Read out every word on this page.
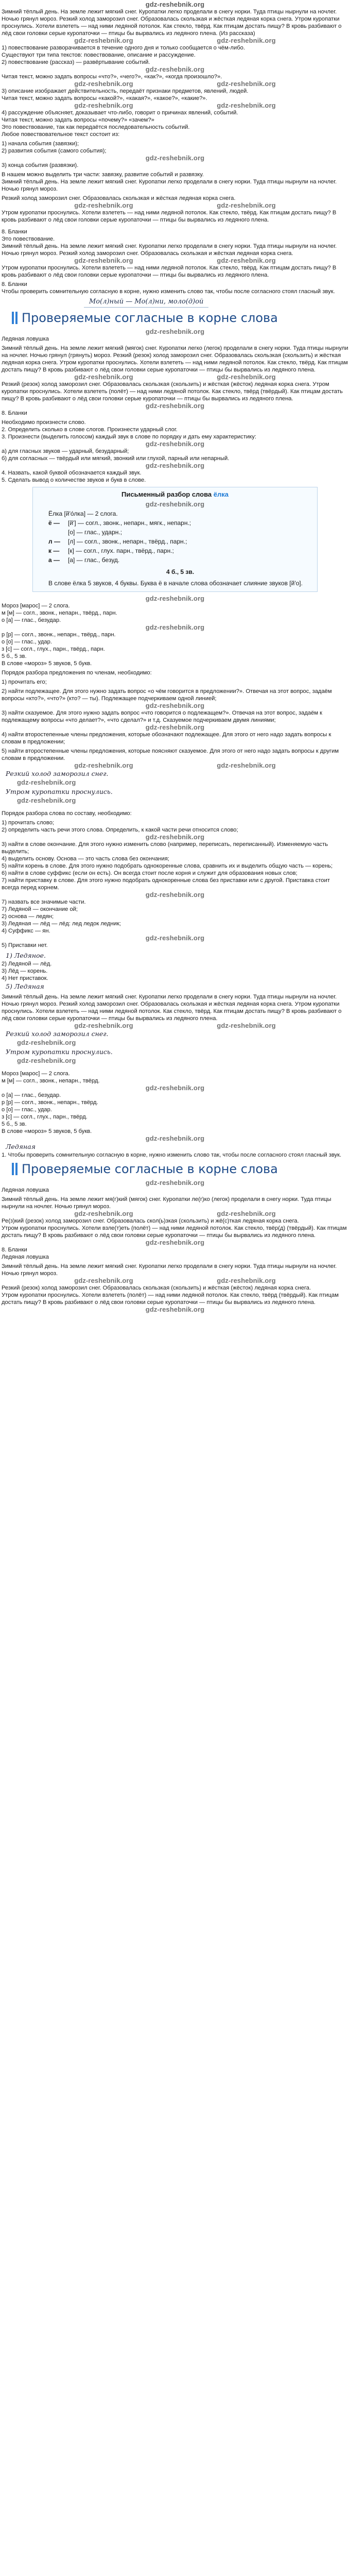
gdz-reshebnik.org

Зимний тёплый день. На земле лежит мягкий снег. Куропатки легко проделали в снегу норки. Туда птицы нырнули на ночлег. Ночью грянул мороз. Резкий холод заморозил снег. Образовалась скользкая и жёсткая ледяная корка снега. Утром куропатки проснулись. Хотели взлететь — над ними ледяной потолок. Как стекло, твёрд. Как птицам достать пищу? В кровь разбивают о лёд свои головки серые куропаточки — птицы бы вырвались из ледяного плена. (Из рассказа)

gdz-reshebnik.org	gdz-reshebnik.org

1) повествование разворачивается в течение одного дня и только сообщается о чём-либо.

Существуют три типа текстов: повествование, описание и рассуждение.

2) повествование (рассказ) — развёртывание событий.

gdz-reshebnik.org

Читая текст, можно задать вопросы «что?», «чего?», «как?», «когда произошло?».

gdz-reshebnik.org	gdz-reshebnik.org

3) описание изображает действительность, передаёт признаки предметов, явлений, людей.

Читая текст, можно задать вопросы «какой?», «какая?», «какое?», «какие?».

gdz-reshebnik.org	gdz-reshebnik.org

4) рассуждение объясняет, доказывает что-либо, говорит о причинах явлений, событий.

Читая текст, можно задать вопросы «почему?» «зачем?»

Это повествование, так как передаётся последовательность событий.

Любое повествовательное текст состоит из:

1) начала события (завязки);

2) развития события (самого события);

gdz-reshebnik.org

3) конца события (развязки).

В нашем можно выделить три части: завязку, развитие событий и развязку.

Зимний тёплый день. На земле лежит мягкий снег. Куропатки легко проделали в снегу норки. Туда птицы нырнули на ночлег. Ночью грянул мороз.

Резкий холод заморозил снег. Образовалась скользкая и жёсткая ледяная корка снега.

gdz-reshebnik.org	gdz-reshebnik.org

Утром куропатки проснулись. Хотели взлететь — над ними ледяной потолок. Как стекло, твёрд. Как птицам достать пищу? В кровь разбивают о лёд свои головки серые куропаточки — птицы бы вырвались из ледяного плена.

8. Бланки

Это повествование.

Зимний тёплый день. На земле лежит мягкий снег. Куропатки легко проделали в снегу норки. Туда птицы нырнули на ночлег. Ночью грянул мороз. Резкий холод заморозил снег. Образовалась скользкая и жёсткая ледяная корка снега.

gdz-reshebnik.org	gdz-reshebnik.org

Утром куропатки проснулись. Хотели взлететь — над ними ледяной потолок. Как стекло, твёрд. Как птицам достать пищу? В кровь разбивают о лёд свои головки серые куропаточки — птицы бы вырвались из ледяного плена.

8. Бланки

Чтобы проверить сомнительную согласную в корне, нужно изменить слово так, чтобы после согласного стоял гласный звук.

Мо(л)ный — Мо(л)ни, моло(д)ой
Проверяемые согласные в корне слова
gdz-reshebnik.org

Ледяная ловушка

Зимний тёплый день. На земле лежит мягкий (мягок) снег. Куропатки легко (легок) проделали в снегу норки. Туда птицы нырнули на ночлег. Ночью грянул (грянуть) мороз. Резкий (резок) холод заморозил снег. Образовалась скользкая (скользить) и жёсткая ледяная корка снега. Утром куропатки проснулись. Хотели взлететь — над ними ледяной потолок. Как стекло, твёрд. Как птицам достать пищу? В кровь разбивают о лёд свои головки серые куропаточки — птицы бы вырвались из ледяного плена.

gdz-reshebnik.org	gdz-reshebnik.org

Резкий (резок) холод заморозил снег. Образовалась скользкая (скользить) и жёсткая (жёсток) ледяная корка снега. Утром куропатки проснулись. Хотели взлететь (полёт) — над ними ледяной потолок. Как стекло, твёрд (твёрдый). Как птицам достать пищу? В кровь разбивают о лёд свои головки серые куропаточки — птицы бы вырвались из ледяного плена.

gdz-reshebnik.org

8. Бланки

Необходимо произнести слово.

2. Определить сколько в слове слогов. Произнести ударный слог.

3. Произнести (выделить голосом) каждый звук в слове по порядку и дать ему характеристику:

gdz-reshebnik.org

а) для гласных звуков — ударный, безударный;

б) для согласных — твёрдый или мягкий, звонкий или глухой, парный или непарный.

gdz-reshebnik.org

4. Назвать, какой буквой обозначается каждый звук.

5. Сделать вывод о количестве звуков и букв в слове.

Письменный разбор слова ёлка
gdz-reshebnik.org
Ёлка [й'о́лка] — 2 слога.
ё — [й'] — согл., звонк., непарн., мягк., непарн.;
[о] — глас., ударн.;
л — [л] — согл., звонк., непарн., твёрд., парн.;
к — [к] — согл., глух. парн., твёрд., парн.;
а — [а] — глас., безуд.
4 б., 5 зв.
В слове ёлка 5 звуков, 4 буквы. Буква ё в начале слова обозначает слияние звуков [й'о].
gdz-reshebnik.org

Мороз [марос] — 2 слога.

м [м] — согл., звонк., непарн., твёрд., парн.

о [а] — глас., безудар.

gdz-reshebnik.org

р [р] — согл., звонк., непарн., твёрд., парн.

о [о] — глас., удар.

з [с] — согл., глух., парн., твёрд., парн.

5 б., 5 зв.

В слове «мороз» 5 звуков, 5 букв.

Порядок разбора предложения по членам, необходимо:

1) прочитать его;

2) найти подлежащее. Для этого нужно задать вопрос «о чём говорится в предложении?». Отвечая на этот вопрос, задаём вопросы «кто?», «что?» (кто? — ты). Подлежащее подчеркиваем одной линией;

gdz-reshebnik.org

3) найти сказуемое. Для этого нужно задать вопрос «что говорится о подлежащем?». Отвечая на этот вопрос, задаём к подлежащему вопросы «что делает?», «что сделал?» и т.д. Сказуемое подчеркиваем двумя линиями;

gdz-reshebnik.org

4) найти второстепенные члены предложения, которые обозначают подлежащее. Для этого от него надо задать вопросы к словам в предложении;

5) найти второстепенные члены предложения, которые поясняют сказуемое. Для этого от него надо задать вопросы к другим словам в предложении.

gdz-reshebnik.org	gdz-reshebnik.org
Резкий холод заморозил снег.
gdz-reshebnik.org
Утром куропатки проснулись.
gdz-reshebnik.org

Порядок разбора слова по составу, необходимо:

1) прочитать слово;

2) определить часть речи этого слова. Определить, к какой части речи относится слово;

gdz-reshebnik.org

3) найти в слове окончание. Для этого нужно изменить слово (например, переписать, переписанный). Изменяемую часть выделить;

4) выделить основу. Основа — это часть слова без окончания;

5) найти корень в слове. Для этого нужно подобрать однокоренные слова, сравнить их и выделить общую часть — корень;

6) найти в слове суффикс (если он есть). Он всегда стоит после корня и служит для образования новых слов;

7) найти приставку в слове. Для этого нужно подобрать однокоренные слова без приставки или с другой. Приставка стоит всегда перед корнем.

gdz-reshebnik.org

7) назвать все значимые части.

7) Ледяной — окончание ой;

2) основа — ледян;

3) Ледяная — лёд — лёд: лед ледок ледник;

4) Суффикс — ян.

gdz-reshebnik.org

5) Приставки нет.

1) Ледяное.

2) Ледяной — лёд.

3) Лёд — корень.

4) Нет приставок.

5) Ледяная

Зимний тёплый день. На земле лежит мягкий снег. Куропатки легко проделали в снегу норки. Туда птицы нырнули на ночлег. Ночью грянул мороз. Резкий холод заморозил снег. Образовалась скользкая и жёсткая ледяная корка снега. Утром куропатки проснулись. Хотели взлететь — над ними ледяной потолок. Как стекло, твёрд. Как птицам достать пищу? В кровь разбивают о лёд свои головки серые куропаточки — птицы бы вырвались из ледяного плена.

gdz-reshebnik.org	gdz-reshebnik.org
Резкий холод заморозил снег.
gdz-reshebnik.org
Утром куропатки проснулись.
gdz-reshebnik.org

Мороз [марос] — 2 слога.

м [м] — согл., звонк., непарн., твёрд.

gdz-reshebnik.org

о [а] — глас., безудар.

р [р] — согл., звонк., непарн., твёрд.

о [о] — глас., удар.

з [с] — согл., глух., парн., твёрд.

5 б., 5 зв.

В слове «мороз» 5 звуков, 5 букв.

gdz-reshebnik.org
Ледяная

1. Чтобы проверить сомнительную согласную в корне, нужно изменить слово так, чтобы после согласного стоял гласный звук.

Проверяемые согласные в корне слова
gdz-reshebnik.org

Ледяная ловушка

Зимний тёплый день. На земле лежит мя(г)кий (мягок) снег. Куропатки ле(г)ко (легок) проделали в снегу норки. Туда птицы нырнули на ночлег. Ночью грянул мороз.

gdz-reshebnik.org	gdz-reshebnik.org

Ре(з)кий (резок) холод заморозил снег. Образовалась скол(ь)зкая (скользить) и жё(с)ткая ледяная корка снега.

Утром куропатки проснулись. Хотели взле(т)еть (полёт) — над ними ледяной потолок. Как стекло, твёр(д) (твёрдый). Как птицам достать пищу? В кровь разбивают о лёд свои головки серые куропаточки — птицы бы вырвались из ледяного плена.

gdz-reshebnik.org

8. Бланки

Ледяная ловушка

Зимний тёплый день. На земле лежит мягкий снег. Куропатки легко проделали в снегу норки. Туда птицы нырнули на ночлег. Ночью грянул мороз.

gdz-reshebnik.org	gdz-reshebnik.org

Резкий (резок) холод заморозил снег. Образовалась скользкая (скользить) и жёсткая (жёсток) ледяная корка снега.

Утром куропатки проснулись. Хотели взлететь (полёт) — над ними ледяной потолок. Как стекло, твёрд (твёрдый). Как птицам достать пищу? В кровь разбивают о лёд свои головки серые куропаточки — птицы бы вырвались из ледяного плена.

gdz-reshebnik.org
